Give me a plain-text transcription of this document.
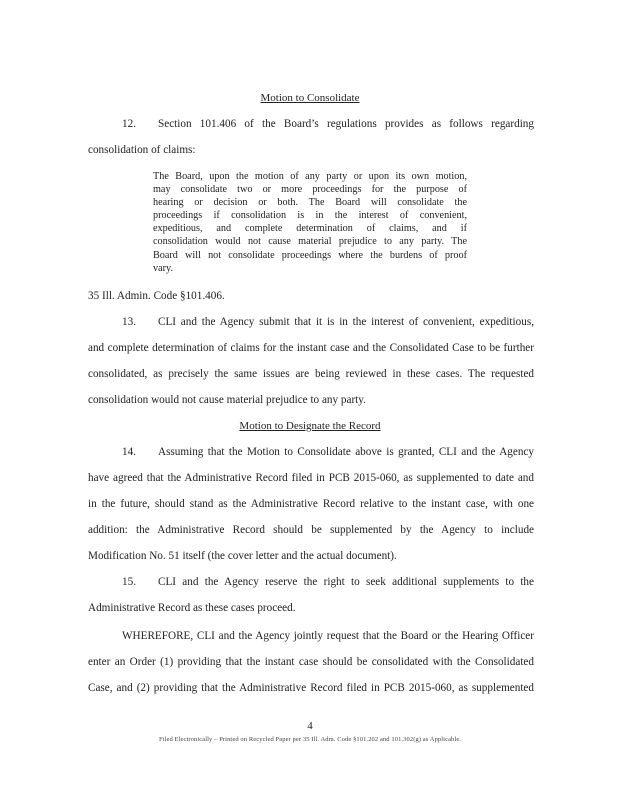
Motion to Consolidate
12. Section 101.406 of the Board’s regulations provides as follows regarding
consolidation of claims:
The Board, upon the motion of any party or upon its own motion,
may consolidate two or more proceedings for the purpose of
hearing or decision or both. The Board will consolidate the
proceedings if consolidation is in the interest of convenient,
expeditious, and complete determination of claims, and if
consolidation would not cause material prejudice to any party. The
Board will not consolidate proceedings where the burdens of proof
vary.
35 Ill. Admin. Code §101.406.
13. CLI and the Agency submit that it is in the interest of convenient, expeditious,
and complete determination of claims for the instant case and the Consolidated Case to be further
consolidated, as precisely the same issues are being reviewed in these cases. The requested
consolidation would not cause material prejudice to any party.
Motion to Designate the Record
14. Assuming that the Motion to Consolidate above is granted, CLI and the Agency
have agreed that the Administrative Record filed in PCB 2015-060, as supplemented to date and
in the future, should stand as the Administrative Record relative to the instant case, with one
addition: the Administrative Record should be supplemented by the Agency to include
Modification No. 51 itself (the cover letter and the actual document).
15. CLI and the Agency reserve the right to seek additional supplements to the
Administrative Record as these cases proceed.
WHEREFORE, CLI and the Agency jointly request that the Board or the Hearing Officer
enter an Order (1) providing that the instant case should be consolidated with the Consolidated
Case, and (2) providing that the Administrative Record filed in PCB 2015-060, as supplemented
4
Filed Electronically – Printed on Recycled Paper per 35 Ill. Adm. Code §101.202 and 101.302(g) as Applicable.
